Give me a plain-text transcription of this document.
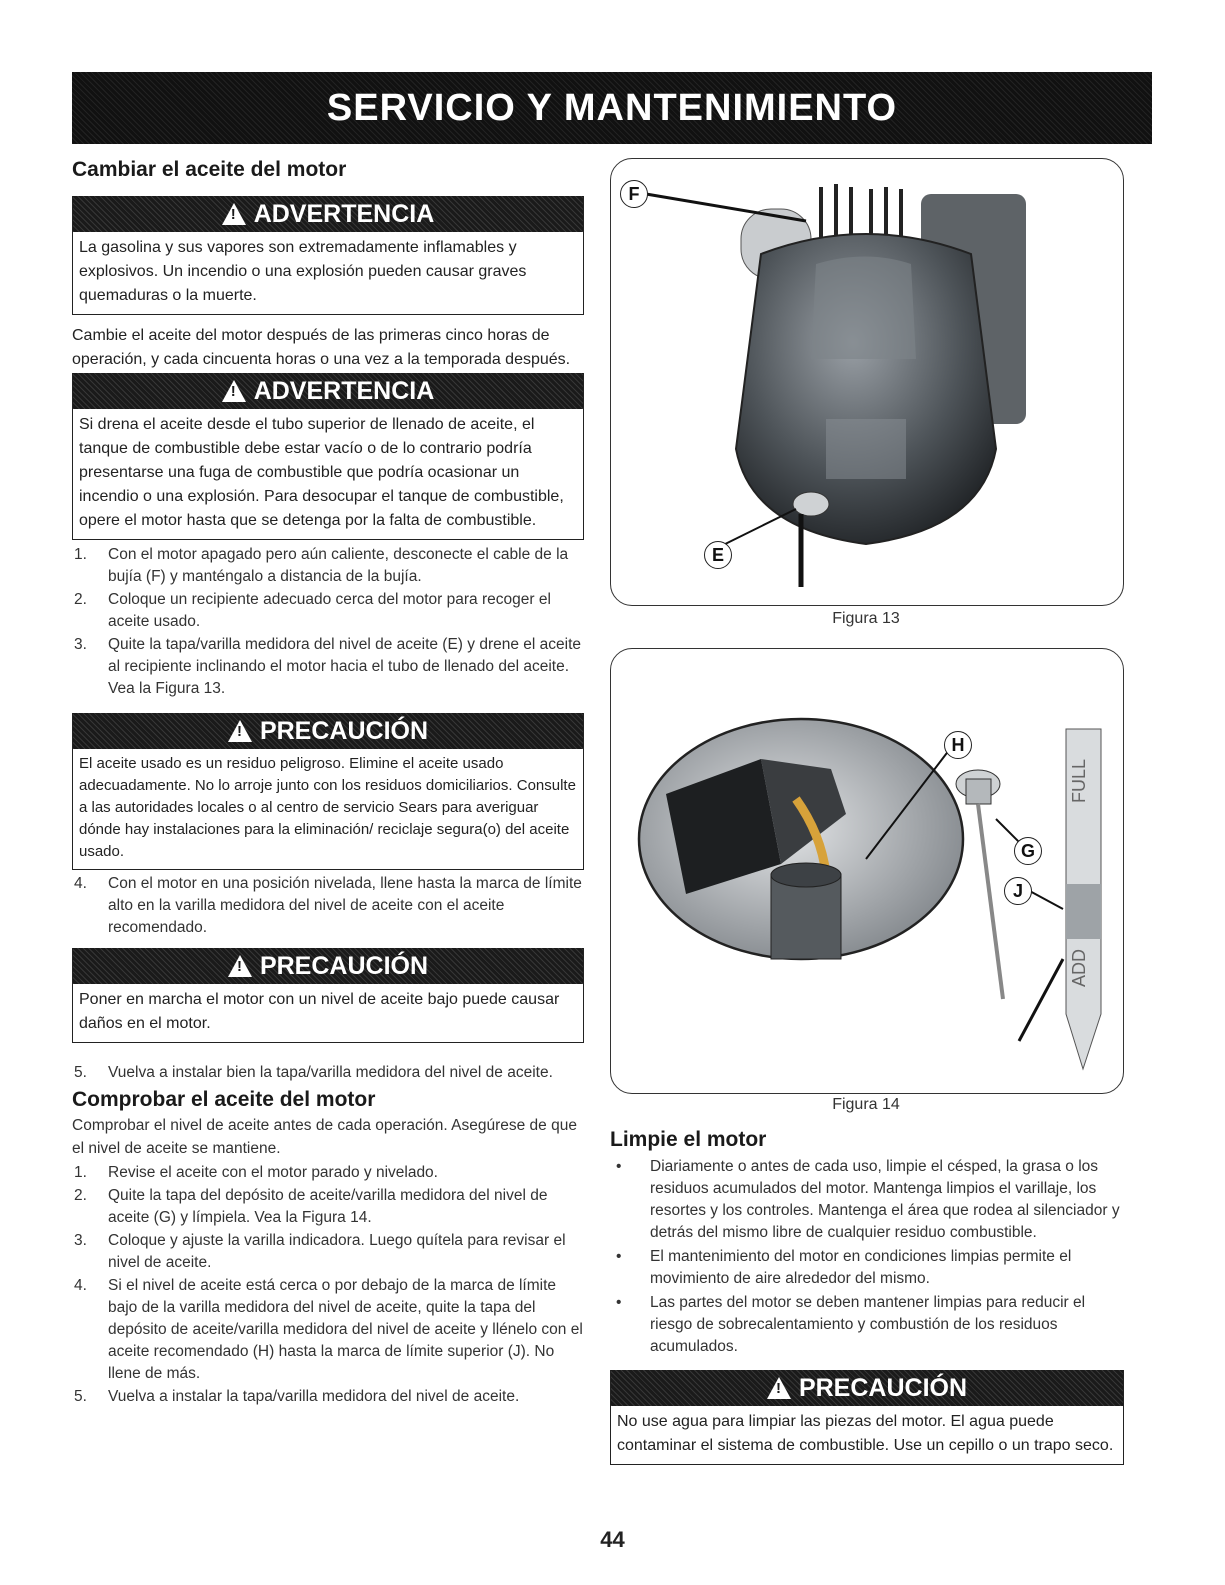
SERVICIO Y MANTENIMIENTO
Cambiar el aceite del motor
!
ADVERTENCIA
La gasolina y sus vapores son extremadamente inflamables y explosivos. Un incendio o una explosión pueden causar graves quemaduras o la muerte.
Cambie el aceite del motor después de las primeras cinco horas de operación, y cada cincuenta horas o una vez a la temporada después.
!
ADVERTENCIA
Si drena el aceite desde el tubo superior de llenado de aceite, el tanque de combustible debe estar vacío o de lo contrario podría presentarse una fuga de combustible que podría ocasionar un incendio o una explosión. Para desocupar el tanque de combustible, opere el motor hasta que se detenga por la falta de combustible.
1.	Con el motor apagado pero aún caliente, desconecte el cable de la bujía (F) y manténgalo a distancia de la bujía.
2.	Coloque un recipiente adecuado cerca del motor para recoger el aceite usado.
3.	Quite la tapa/varilla medidora del nivel de aceite (E) y drene el aceite al recipiente inclinando el motor hacia el tubo de llenado del aceite. Vea la Figura 13.
!
PRECAUCIÓN
El aceite usado es un residuo peligroso. Elimine el aceite usado adecuadamente. No lo arroje junto con los residuos domiciliarios. Consulte a las autoridades locales o al centro de servicio Sears para averiguar dónde hay instalaciones para la eliminación/ reciclaje segura(o) del aceite usado.
4.	Con el motor en una posición nivelada, llene hasta la marca de límite alto en la varilla medidora del nivel de aceite con el aceite recomendado.
!
PRECAUCIÓN
Poner en marcha el motor con un nivel de aceite bajo puede causar daños en el motor.
5.	Vuelva a instalar bien la tapa/varilla medidora del nivel de aceite.
Comprobar el aceite del motor
Comprobar el nivel de aceite antes de cada operación. Asegúrese de que el nivel de aceite se mantiene.
1.	Revise el aceite con el motor parado y nivelado.
2.	Quite la tapa del depósito de aceite/varilla medidora del nivel de aceite (G) y límpiela. Vea la Figura 14.
3.	Coloque y ajuste la varilla indicadora. Luego quítela para revisar el nivel de aceite.
4.	Si el nivel de aceite está cerca o por debajo de la marca de límite bajo de la varilla medidora del nivel de aceite, quite la tapa del depósito de aceite/varilla medidora del nivel de aceite y llénelo con el aceite recomendado (H) hasta la marca de límite superior (J). No llene de más.
5.	Vuelva a instalar la tapa/varilla medidora del nivel de aceite.
F
E
Figura 13
FULL
ADD
H
G
J
Figura 14
Limpie el motor
•	Diariamente o antes de cada uso, limpie el césped, la grasa o los residuos acumulados del motor. Mantenga limpios el varillaje, los resortes y los controles. Mantenga el área que rodea al silenciador y detrás del mismo libre de cualquier residuo combustible.
•	El mantenimiento del motor en condiciones limpias permite el movimiento de aire alrededor del mismo.
•	Las partes del motor se deben mantener limpias para reducir el riesgo de sobrecalentamiento y combustión de los residuos acumulados.
!
PRECAUCIÓN
No use agua para limpiar las piezas del motor. El agua puede contaminar el sistema de combustible. Use un cepillo o un trapo seco.
44
